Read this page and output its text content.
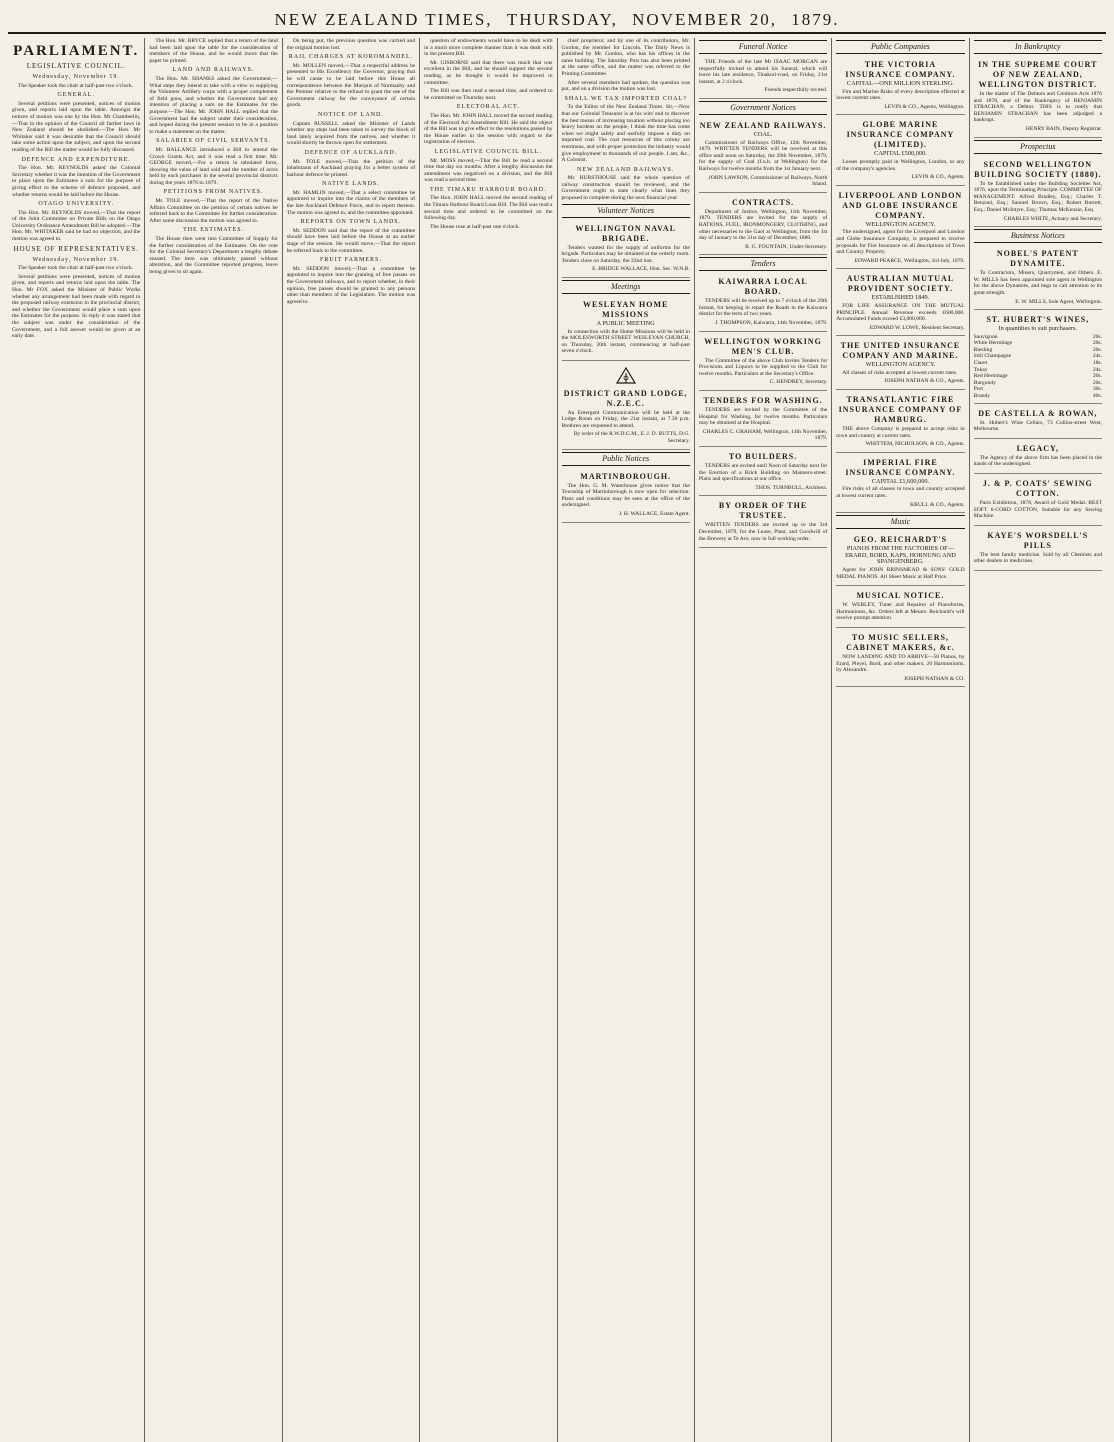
NEW ZEALAND TIMES, THURSDAY, NOVEMBER 20, 1879.
PARLIAMENT.
LEGISLATIVE COUNCIL.
Wednesday, November 19.

The Speaker took the chair at half-past two o'clock.

GENERAL.

Several petitions were presented, notices of motion given, and reports laid upon the table. Amongst the notices of motion was one by the Hon. Mr Chamberlin,—That in the opinion of the Council all further laws in New Zealand should be abolished.—The Hon. Mr Whitaker said it was desirable that the Council should take some action upon the subject, and upon the second reading of the Bill the matter would be fully discussed.

DEFENCE AND EXPENDITURE.

The Hon. Mr. REYNOLDS asked the Colonial Secretary whether it was the intention of the Government to place upon the Estimates a sum for the purpose of giving effect to the scheme of defence proposed, and whether returns would be laid before the House.

OTAGO UNIVERSITY.

The Hon. Mr. REYNOLDS moved,—That the report of the Joint Committee on Private Bills on the Otago University Ordinance Amendment Bill be adopted.—The Hon. Mr. WHITAKER said he had no objection, and the motion was agreed to.

HOUSE OF REPRESENTATIVES.
Wednesday, November 19.

The Speaker took the chair at half-past two o'clock.

Several petitions were presented, notices of motion given, and reports and returns laid upon the table. The Hon. Mr FOX asked the Minister of Public Works whether any arrangement had been made with regard to the proposed railway extension in the provincial district, and whether the Government would place a sum upon the Estimates for the purpose. In reply it was stated that the subject was under the consideration of the Government, and a full answer would be given at an early date.

The Hon. Mr. BRYCE replied that a return of the land had been laid upon the table for the consideration of members of the House, and he would move that the paper be printed.

LAND AND RAILWAYS.

The Hon. Mr. SHANKS asked the Government,—What steps they intend to take with a view to supplying the Volunteer Artillery corps with a proper complement of field guns, and whether the Government had any intention of placing a sum on the Estimates for the purpose.—The Hon. Mr. JOHN HALL replied that the Government had the subject under their consideration, and hoped during the present session to be in a position to make a statement on the matter.

SALARIES OF CIVIL SERVANTS.

Mr. BALLANCE introduced a Bill to amend the Crown Grants Act, and it was read a first time. Mr. GEORGE moved,—For a return in tabulated form, showing the value of land sold and the number of acres held by each purchaser in the several provincial districts during the years 1876 to 1879.

PETITIONS FROM NATIVES.

Mr. TOLE moved,—That the report of the Native Affairs Committee on the petition of certain natives be referred back to the Committee for further consideration. After some discussion the motion was agreed to.

THE ESTIMATES.

The House then went into Committee of Supply for the further consideration of the Estimates. On the vote for the Colonial Secretary's Department a lengthy debate ensued. The item was ultimately passed without alteration, and the Committee reported progress, leave being given to sit again.

On being put, the previous question was carried and the original motion lost.

RAIL CHARGES AT KOROMANDEL.

Mr. MOLLEN moved,—That a respectful address be presented to His Excellency the Governor, praying that he will cause to be laid before this House all correspondence between the Marquis of Normanby and the Premier relative to the refusal to grant the use of the Government railway for the conveyance of certain goods.

NOTICE OF LAND.

Captain RUSSELL asked the Minister of Lands whether any steps had been taken to survey the block of land lately acquired from the natives, and whether it would shortly be thrown open for settlement.

DEFENCE OF AUCKLAND.

Mr. TOLE moved,—That the petition of the inhabitants of Auckland praying for a better system of harbour defence be printed.

NATIVE LANDS.

Mr. HAMLIN moved,—That a select committee be appointed to inquire into the claims of the members of the late Auckland Defence Force, and to report thereon. The motion was agreed to, and the committee appointed.

REPORTS ON TOWN LANDS.

Mr. SEDDON said that the report of the committee should have been laid before the House at an earlier stage of the session. He would move,—That the report be referred back to the committee.

FRUIT FARMERS.

Mr. SEDDON moved,—That a committee be appointed to inquire into the granting of free passes on the Government railways, and to report whether, in their opinion, free passes should be granted to any persons other than members of the Legislature. The motion was agreed to.

question of endowments would have to be dealt with in a much more complete manner than it was dealt with in the present Bill.

Mr. GISBORNE said that there was much that was excellent in the Bill, and he should support the second reading, as he thought it would be improved in committee.

The Bill was then read a second time, and ordered to be committed on Thursday next.

ELECTORAL ACT.

The Hon. Mr. JOHN HALL moved the second reading of the Electoral Act Amendment Bill. He said the object of the Bill was to give effect to the resolutions passed by the House earlier in the session with regard to the registration of electors.

LEGISLATIVE COUNCIL BILL.

Mr. MOSS moved,—That the Bill be read a second time that day six months. After a lengthy discussion the amendment was negatived on a division, and the Bill was read a second time.

THE TIMARU HARBOUR BOARD.

The Hon. JOHN HALL moved the second reading of the Timaru Harbour Board Loan Bill. The Bill was read a second time and ordered to be committed on the following day.

The House rose at half-past one o'clock.

chief proprietor, and by one of its contributors, Mr. Gordon, the member for Lincoln. The Daily News is published by Mr. Gordon, who has his offices in the same building. The Saturday Post has also been printed at the same office, and the matter was referred to the Printing Committee.

After several members had spoken, the question was put, and on a division the motion was lost.

SHALL WE TAX IMPORTED COAL?

To the Editor of the New Zealand Times. Sir,—Now that our Colonial Treasurer is at his wits' end to discover the best means of increasing taxation without placing too heavy burdens on the people, I think the time has come when we might safely and usefully impose a duty on imported coal. The coal resources of this colony are enormous, and with proper protection the industry would give employment to thousands of our people. I am, &c., A Colonist.

NEW ZEALAND RAILWAYS.

Mr. HURSTHOUSE said the whole question of railway construction should be reviewed, and the Government ought to state clearly what lines they proposed to complete during the next financial year.

Volunteer Notices
WELLINGTON NAVAL BRIGADE.

Tenders wanted for the supply of uniforms for the brigade. Particulars may be obtained at the orderly room. Tenders close on Saturday, the 22nd inst.

E. BRIDGE WALLACE, Hon. Sec. W.N.B.
Meetings
WESLEYAN HOME MISSIONS
A PUBLIC MEETING

In connection with the Home Missions will be held in the MOLESWORTH STREET WESLEYAN CHURCH, on Thursday, 20th instant, commencing at half-past seven o'clock.

DISTRICT GRAND LODGE, N.Z.E.C.

An Emergent Communication will be held at the Lodge Room on Friday, the 21st instant, at 7.30 p.m. Brethren are requested to attend.

By order of the R.W.D.G.M., E. J. D. BUTTS, D.G. Secretary.
Public Notices
MARTINBOROUGH.

The Hon. G. M. Waterhouse gives notice that the Township of Martinborough is now open for selection. Plans and conditions may be seen at the office of the undersigned.

J. H. WALLACE, Estate Agent.
Funeral Notice

THE Friends of the late Mr ISAAC MORGAN are respectfully invited to attend his funeral, which will leave his late residence, Tinakori-road, on Friday, 21st instant, at 2 o'clock.

Friends respectfully invited.
Government Notices
NEW ZEALAND RAILWAYS.
COAL.

Commissioner of Railways Office, 12th November, 1879. WRITTEN TENDERS will be received at this office until noon on Saturday, the 29th November, 1879, for the supply of Coal (f.o.b. at Wellington) for the Railways for twelve months from the 1st January next.

JOHN LAWSON, Commissioner of Railways, North Island.
CONTRACTS.

Department of Justice, Wellington, 11th November, 1879. TENDERS are invited for the supply of RATIONS, FUEL, IRONMONGERY, CLOTHING, and other necessaries to the Gaol at Wellington, from the 1st day of January to the 31st day of December, 1880.

R. G. FOUNTAIN, Under-Secretary.
Tenders
KAIWARRA LOCAL BOARD.

TENDERS will be received up to 7 o'clock of the 29th instant, for keeping in repair the Roads in the Kaiwarra district for the term of two years.

J. THOMPSON, Kaiwarra, 14th November, 1879.
WELLINGTON WORKING MEN'S CLUB.

The Committee of the above Club invites Tenders for Provisions and Liquors to be supplied to the Club for twelve months. Particulars at the Secretary's Office.

C. HENDREY, Secretary.
TENDERS FOR WASHING.

TENDERS are invited by the Committee of the Hospital for Washing, for twelve months. Particulars may be obtained at the Hospital.

CHARLES C. GRAHAM, Wellington, 14th November, 1879.
TO BUILDERS.

TENDERS are invited until Noon of Saturday next for the Erection of a Brick Building on Manners-street. Plans and specifications at our office.

THOS. TURNBULL, Architect.
BY ORDER OF THE TRUSTEE.

WRITTEN TENDERS are invited up to the 3rd December, 1879, for the Lease, Plant, and Goodwill of the Brewery at Te Aro, now in full working order.

Public Companies
THE VICTORIA INSURANCE COMPANY.
CAPITAL—ONE MILLION STERLING.

Fire and Marine Risks of every description effected at lowest current rates.

LEVIN & CO., Agents, Wellington.
GLOBE MARINE INSURANCE COMPANY (LIMITED).
CAPITAL £500,000.

Losses promptly paid in Wellington, London, or any of the company's agencies.

LEVIN & CO., Agents.
LIVERPOOL AND LONDON AND GLOBE INSURANCE COMPANY.
WELLINGTON AGENCY.

The undersigned, agent for the Liverpool and London and Globe Insurance Company, is prepared to receive proposals for Fire Insurance on all descriptions of Town and Country Property.

EDWARD PEARCE, Wellington, 3rd July, 1879.
AUSTRALIAN MUTUAL PROVIDENT SOCIETY.
ESTABLISHED 1849.

FOR LIFE ASSURANCE ON THE MUTUAL PRINCIPLE. Annual Revenue exceeds £600,000. Accumulated Funds exceed £3,000,000.

EDWARD W. LOWE, Resident Secretary.
THE UNITED INSURANCE COMPANY AND MARINE.
WELLINGTON AGENCY.

All classes of risks accepted at lowest current rates.

JOSEPH NATHAN & CO., Agents.
TRANSATLANTIC FIRE INSURANCE COMPANY OF HAMBURG.

THE above Company is prepared to accept risks in town and country at current rates.

WHITTEM, NICHOLSON, & CO., Agents.
IMPERIAL FIRE INSURANCE COMPANY.
CAPITAL £1,600,000.

Fire risks of all classes in town and country accepted at lowest current rates.

KRULL & CO., Agents.
Music
GEO. REICHARDT'S
PIANOS FROM THE FACTORIES OF— ERARD, BORD, KAPS, HORNUNG AND SPANGENBERG.

Agent for JOHN BRINSMEAD & SONS' GOLD MEDAL PIANOS. All Sheet Music at Half Price.

MUSICAL NOTICE.

W. WEBLEY, Tuner and Repairer of Pianofortes, Harmoniums, &c. Orders left at Messrs. Reichardt's will receive prompt attention.

TO MUSIC SELLERS, CABINET MAKERS, &c.

NOW LANDING AND TO ARRIVE—50 Pianos, by Erard, Pleyel, Bord, and other makers; 20 Harmoniums, by Alexandre.

JOSEPH NATHAN & CO.
In Bankruptcy
IN THE SUPREME COURT OF NEW ZEALAND, WELLINGTON DISTRICT.

In the matter of The Debtors and Creditors Acts 1876 and 1878, and of the Bankruptcy of BENJAMIN STRACHAN, a Debtor. THIS is to notify that BENJAMIN STRACHAN has been adjudged a bankrupt.

HENRY BAIN, Deputy Registrar.
Prospectus
SECOND WELLINGTON BUILDING SOCIETY (1880).

To be Established under the Building Societies Act, 1876, upon the Terminating Principle. COMMITTEE OF MANAGEMENT: Alfred Bradley, Esq.; Charles T. Benzoni, Esq.; Samuel Brown, Esq.; Robert Burrett, Esq.; Daniel McIntyre, Esq.; Thomas McKenzie, Esq.

CHARLES WHITE, Actuary and Secretary.
Business Notices
NOBEL'S PATENT DYNAMITE.

To Contractors, Miners, Quarrymen, and Others. E. W. MILLS has been appointed sole agent in Wellington for the above Dynamite, and begs to call attention to its great strength.

E. W. MILLS, Sole Agent, Wellington.
ST. HUBERT'S WINES,
In quantities to suit purchasers.
Sauvignon	20s.
White Hermitage	20s.
Riesling	20s.
Still Champagne	24s.
Claret	18s.
Tokay	24s.
Red Hermitage	20s.
Burgundy	20s.
Port	30s.
Brandy	40s.
DE CASTELLA & ROWAN,

St. Hubert's Wine Cellars, 73 Collins-street West, Melbourne.

LEGACY,

The Agency of the above firm has been placed in the hands of the undersigned.

J. & P. COATS' SEWING COTTON.

Paris Exhibition, 1878, Award of Gold Medal. BEST SOFT 6-CORD COTTON, Suitable for any Sewing Machine.

KAYE'S WORSDELL'S PILLS

The best family medicine. Sold by all Chemists and other dealers in medicines.
